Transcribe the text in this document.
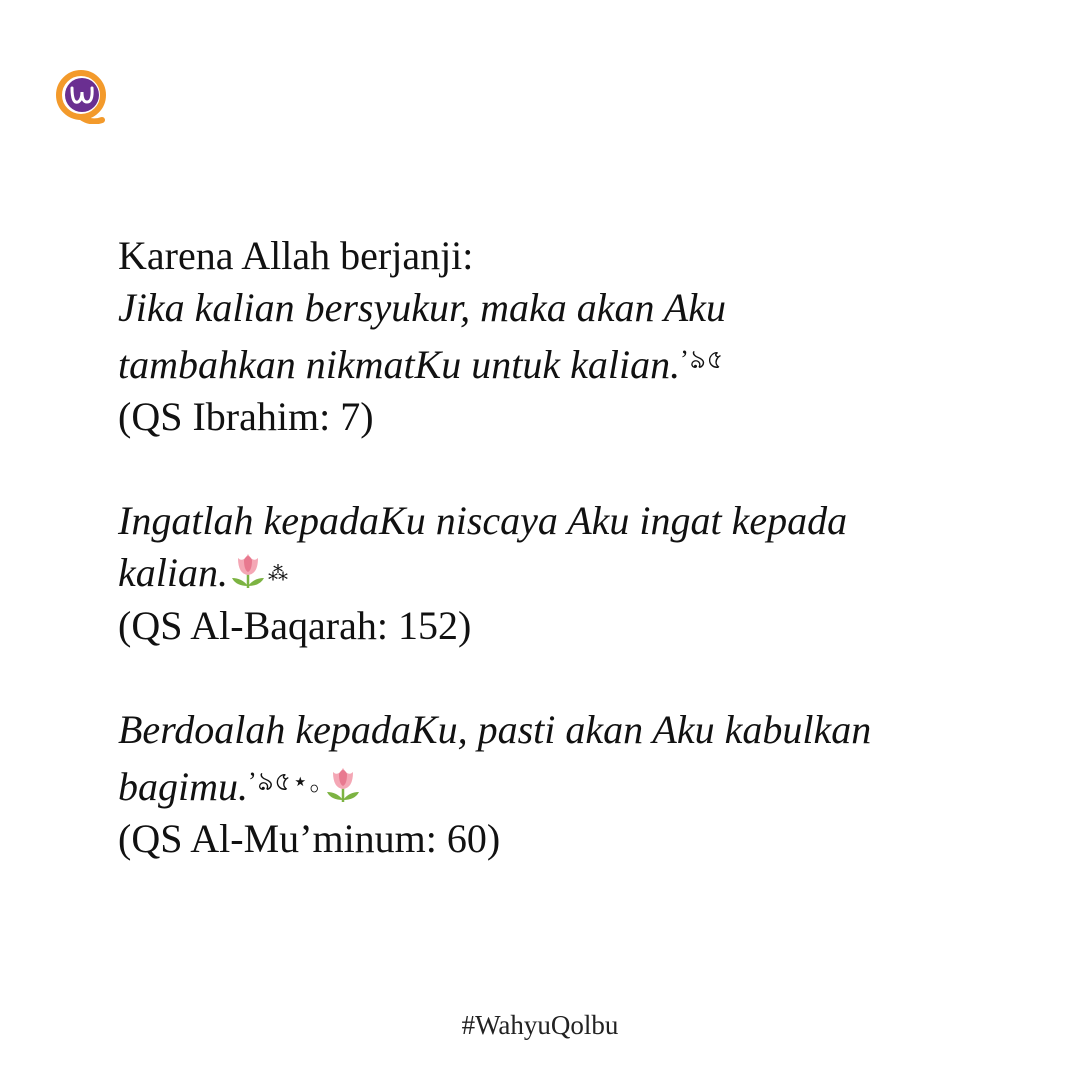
Karena Allah berjanji:
Jika kalian bersyukur, maka akan Aku
tambahkan nikmatKu untuk kalian.$^{’ঌ৫}$
(QS Ibrahim: 7)
Ingatlah kepadaKu niscaya Aku ingat kepada
kalian. ⁂
(QS Al-Baqarah: 152)
Berdoalah kepadaKu, pasti akan Aku kabulkan
bagimu.$^{’ঌ৫⋆｡}$
(QS Al-Mu’minum: 60)
#WahyuQolbu
